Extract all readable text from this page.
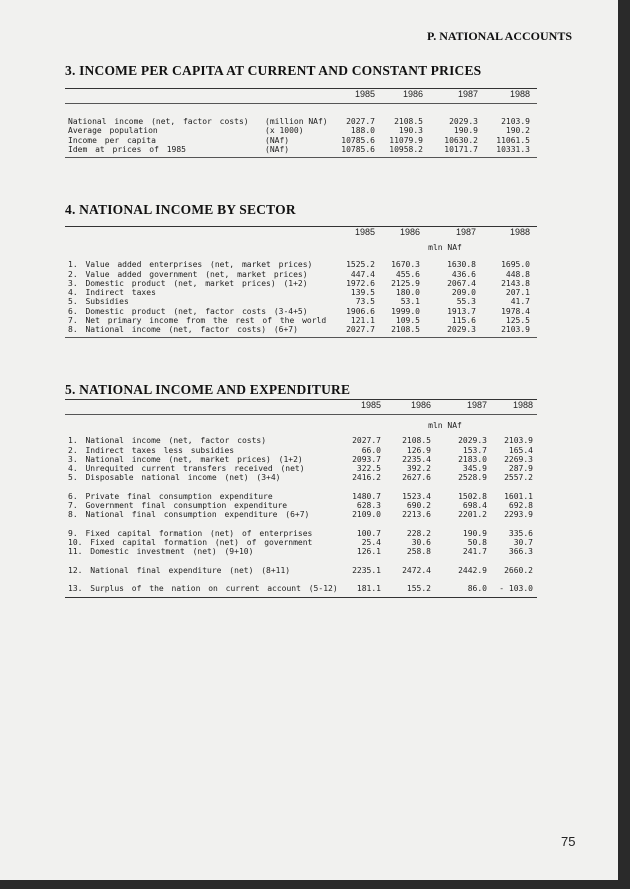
P. NATIONAL ACCOUNTS
3. INCOME PER CAPITA AT CURRENT AND CONSTANT PRICES
1985	1986	1987	1988
National income (net, factor costs) (million NAf)	2027.7	2108.5	2029.3	2103.9
Average population	(x 1000)	188.0	190.3	190.9	190.2
Income per capita	(NAf)	10785.6	11079.9	10630.2	11061.5
Idem at prices of 1985	(NAf)	10785.6	10958.2	10171.7	10331.3
4. NATIONAL INCOME BY SECTOR
1985	1986	1987	1988
mln NAf
1. Value added enterprises (net, market prices)	1525.2	1670.3	1630.8	1695.0
2. Value added government (net, market prices)	447.4	455.6	436.6	448.8
3. Domestic product (net, market prices) (1+2)	1972.6	2125.9	2067.4	2143.8
4. Indirect taxes	139.5	180.0	209.0	207.1
5. Subsidies	73.5	53.1	55.3	41.7
6. Domestic product (net, factor costs (3-4+5)	1906.6	1999.0	1913.7	1978.4
7. Net primary income from the rest of the world	121.1	109.5	115.6	125.5
8. National income (net, factor costs) (6+7)	2027.7	2108.5	2029.3	2103.9
5. NATIONAL INCOME AND EXPENDITURE
1985	1986	1987	1988
mln NAf
1. National income (net, factor costs)	2027.7	2108.5	2029.3	2103.9
2. Indirect taxes less subsidies	66.0	126.9	153.7	165.4
3. National income (net, market prices) (1+2)	2093.7	2235.4	2183.0	2269.3
4. Unrequited current transfers received (net)	322.5	392.2	345.9	287.9
5. Disposable national income (net) (3+4)	2416.2	2627.6	2528.9	2557.2
6. Private final consumption expenditure	1480.7	1523.4	1502.8	1601.1
7. Government final consumption expenditure	628.3	690.2	698.4	692.8
8. National final consumption expenditure (6+7)	2109.0	2213.6	2201.2	2293.9
9. Fixed capital formation (net) of enterprises	100.7	228.2	190.9	335.6
10. Fixed capital formation (net) of government	25.4	30.6	50.8	30.7
11. Domestic investment (net) (9+10)	126.1	258.8	241.7	366.3
12. National final expenditure (net) (8+11)	2235.1	2472.4	2442.9	2660.2
13. Surplus of the nation on current account (5-12)	181.1	155.2	86.0	- 103.0
75
